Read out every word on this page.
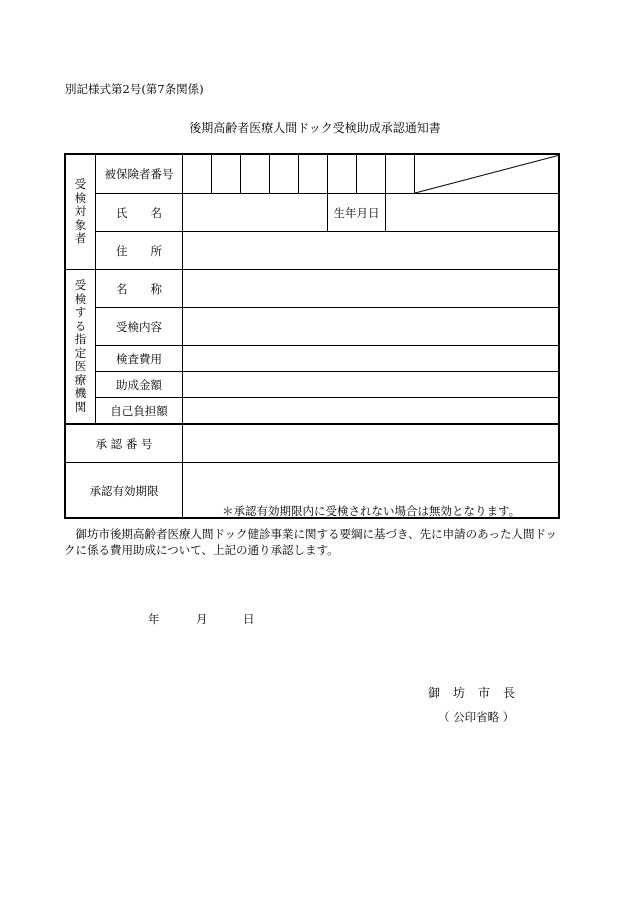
別記様式第2号(第7条関係)
後期高齢者医療人間ドック受検助成承認通知書
受
検
対
象
者
受
検
す
る
指
定
医
療
機
関
被保険者番号
氏　　名	生年月日
住　　所
名　　称
受検内容
検査費用
助成金額
自己負担額
承 認 番 号
承認有効期限
＊承認有効期限内に受検されない場合は無効となります。
　御坊市後期高齢者医療人間ドック健診事業に関する要綱に基づき、先に申請のあった人間ドックに係る費用助成について、上記の通り承認します。
年	月	日
御　坊　市　長
（ 公印省略 ）
